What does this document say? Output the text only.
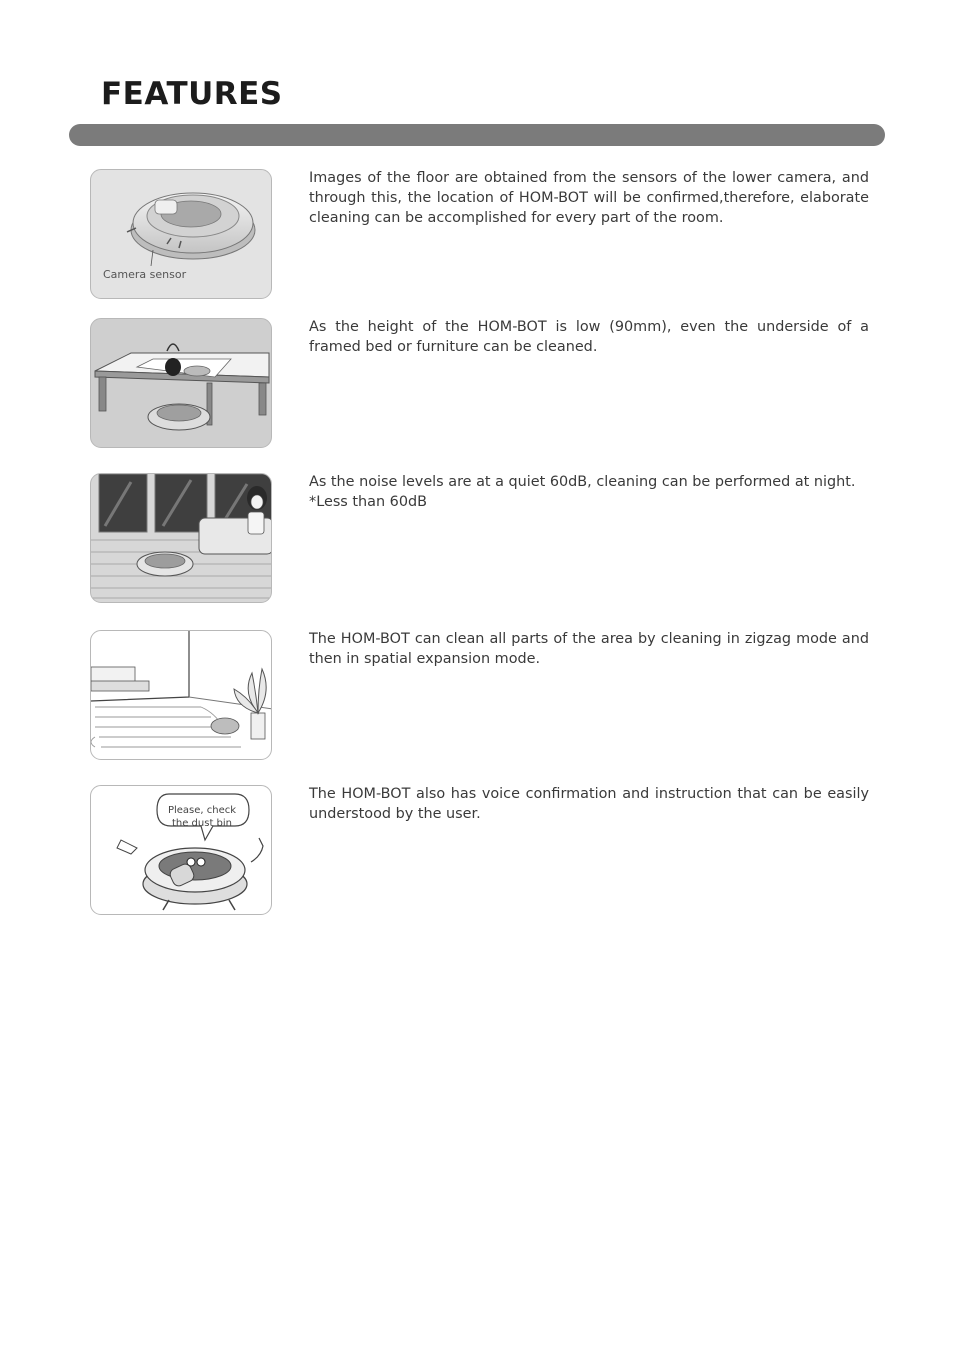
FEATURES
Camera sensor

Images of the floor are obtained from the sensors of the lower camera, and through this, the location of HOM-BOT will be confirmed,therefore, elaborate cleaning can be accomplished for every part of the room.

As the height of the HOM-BOT is low (90mm), even the underside of a framed bed or furniture can be cleaned.

As the noise levels are at a quiet 60dB, cleaning can be performed at night.

*Less than 60dB

The HOM-BOT can clean all parts of the area by cleaning in zigzag mode and then in spatial expansion mode.

Please, check
the dust bin

The HOM-BOT also has voice confirmation and instruction that can be easily understood by the user.
